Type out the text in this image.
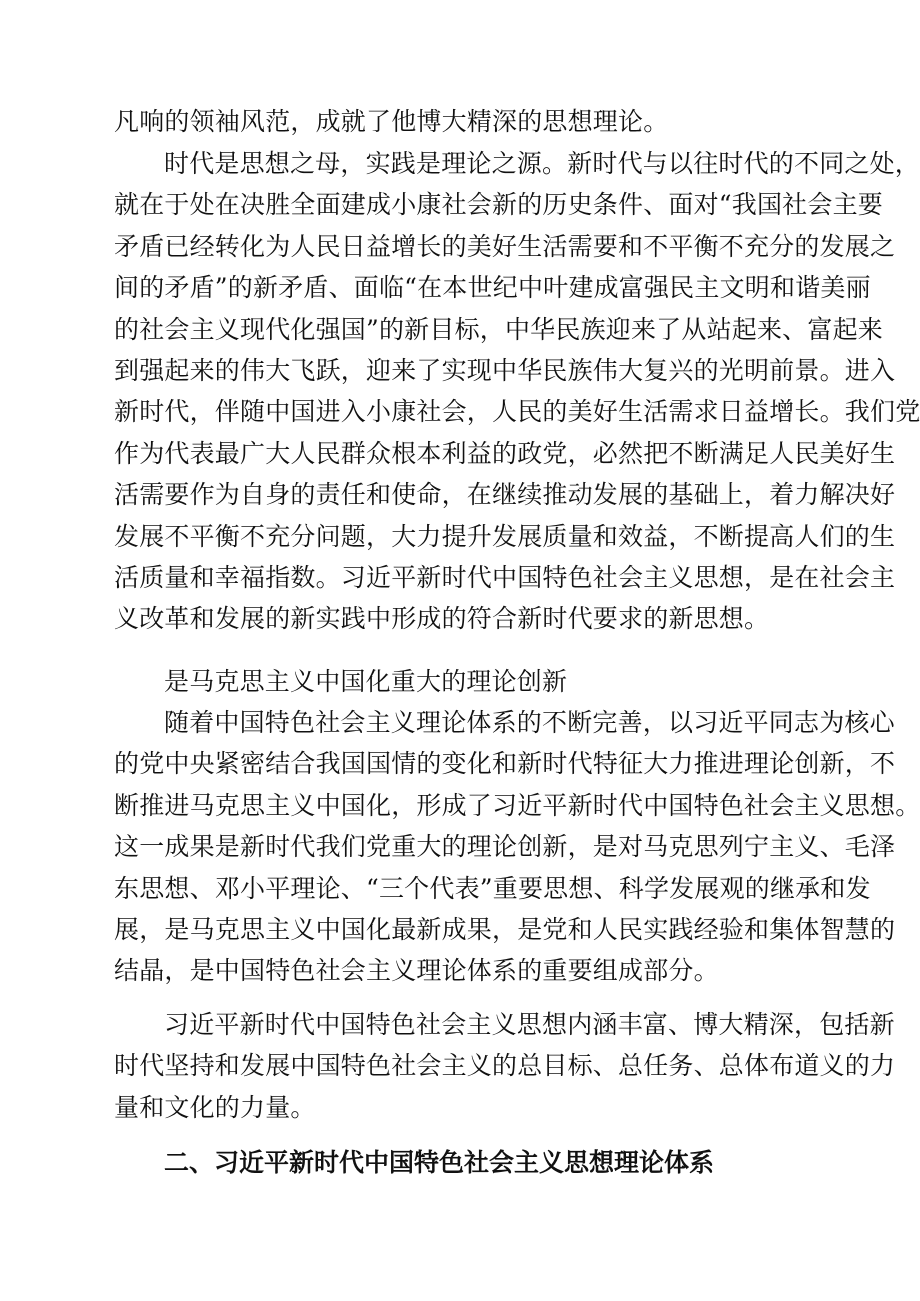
凡响的领袖风范，成就了他博大精深的思想理论。
时代是思想之母，实践是理论之源。新时代与以往时代的不同之处，
就在于处在决胜全面建成小康社会新的历史条件、面对“我国社会主要
矛盾已经转化为人民日益增长的美好生活需要和不平衡不充分的发展之
间的矛盾”的新矛盾、面临“在本世纪中叶建成富强民主文明和谐美丽
的社会主义现代化强国”的新目标，中华民族迎来了从站起来、富起来
到强起来的伟大飞跃，迎来了实现中华民族伟大复兴的光明前景。进入
新时代，伴随中国进入小康社会，人民的美好生活需求日益增长。我们党
作为代表最广大人民群众根本利益的政党，必然把不断满足人民美好生
活需要作为自身的责任和使命，在继续推动发展的基础上，着力解决好
发展不平衡不充分问题，大力提升发展质量和效益，不断提高人们的生
活质量和幸福指数。习近平新时代中国特色社会主义思想，是在社会主
义改革和发展的新实践中形成的符合新时代要求的新思想。
是马克思主义中国化重大的理论创新
随着中国特色社会主义理论体系的不断完善，以习近平同志为核心
的党中央紧密结合我国国情的变化和新时代特征大力推进理论创新，不
断推进马克思主义中国化，形成了习近平新时代中国特色社会主义思想。
这一成果是新时代我们党重大的理论创新，是对马克思列宁主义、毛泽
东思想、邓小平理论、“三个代表”重要思想、科学发展观的继承和发
展，是马克思主义中国化最新成果，是党和人民实践经验和集体智慧的
结晶，是中国特色社会主义理论体系的重要组成部分。
习近平新时代中国特色社会主义思想内涵丰富、博大精深，包括新
时代坚持和发展中国特色社会主义的总目标、总任务、总体布道义的力
量和文化的力量。
二、习近平新时代中国特色社会主义思想理论体系
